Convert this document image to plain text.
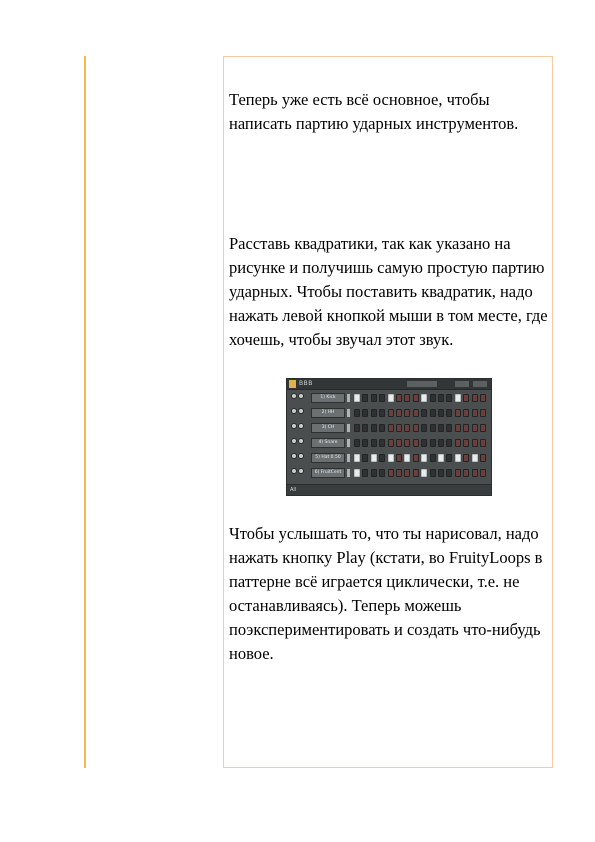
Теперь уже есть всё основное, чтобы написать партию ударных инструментов.

Расставь квадратики, так как указано на рисунке и получишь самую простую партию ударных. Чтобы поставить квадратик, надо нажать левой кнопкой мыши в том месте, где хочешь, чтобы звучал этот звук.

BBB
1) Kick
2) HH
3) CH
4) Snare
5) Hat 0.50
6) FruitCent
All

Чтобы услышать то, что ты нарисовал, надо нажать кнопку Play (кстати, во FruityLoops в паттерне всё играется циклически, т.е. не останавливаясь). Теперь можешь поэкспериментировать и создать что-нибудь новое.
